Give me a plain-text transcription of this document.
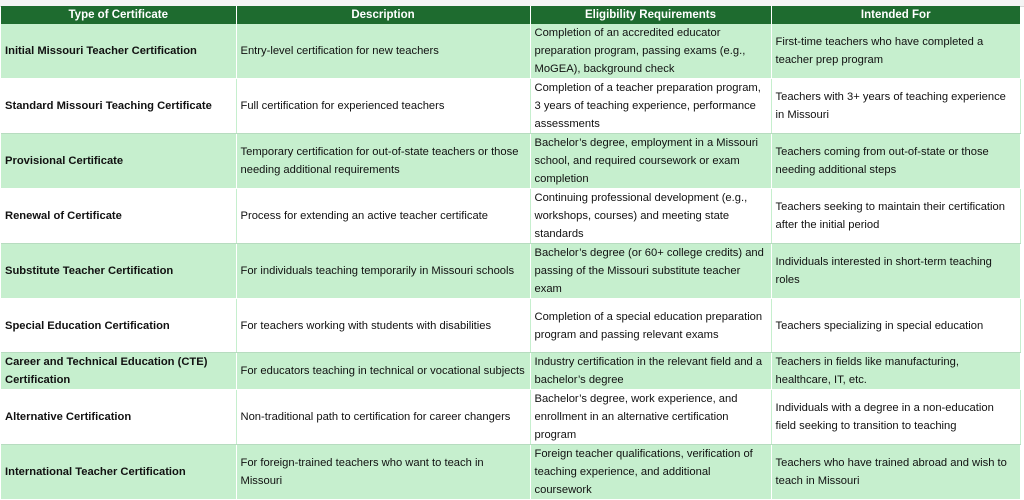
Type of Certificate	Description	Eligibility Requirements	Intended For
Initial Missouri Teacher Certification	Entry-level certification for new teachers	Completion of an accredited educator preparation program, passing exams (e.g., MoGEA), background check	First-time teachers who have completed a teacher prep program
Standard Missouri Teaching Certificate	Full certification for experienced teachers	Completion of a teacher preparation program, 3 years of teaching experience, performance assessments	Teachers with 3+ years of teaching experience in Missouri
Provisional Certificate	Temporary certification for out-of-state teachers or those needing additional requirements	Bachelor’s degree, employment in a Missouri school, and required coursework or exam completion	Teachers coming from out-of-state or those needing additional steps
Renewal of Certificate	Process for extending an active teacher certificate	Continuing professional development (e.g., workshops, courses) and meeting state standards	Teachers seeking to maintain their certification after the initial period
Substitute Teacher Certification	For individuals teaching temporarily in Missouri schools	Bachelor’s degree (or 60+ college credits) and passing of the Missouri substitute teacher exam	Individuals interested in short-term teaching roles
Special Education Certification	For teachers working with students with disabilities	Completion of a special education preparation program and passing relevant exams	Teachers specializing in special education
Career and Technical Education (CTE) Certification	For educators teaching in technical or vocational subjects	Industry certification in the relevant field and a bachelor’s degree	Teachers in fields like manufacturing, healthcare, IT, etc.
Alternative Certification	Non-traditional path to certification for career changers	Bachelor’s degree, work experience, and enrollment in an alternative certification program	Individuals with a degree in a non-education field seeking to transition to teaching
International Teacher Certification	For foreign-trained teachers who want to teach in Missouri	Foreign teacher qualifications, verification of teaching experience, and additional coursework	Teachers who have trained abroad and wish to teach in Missouri
